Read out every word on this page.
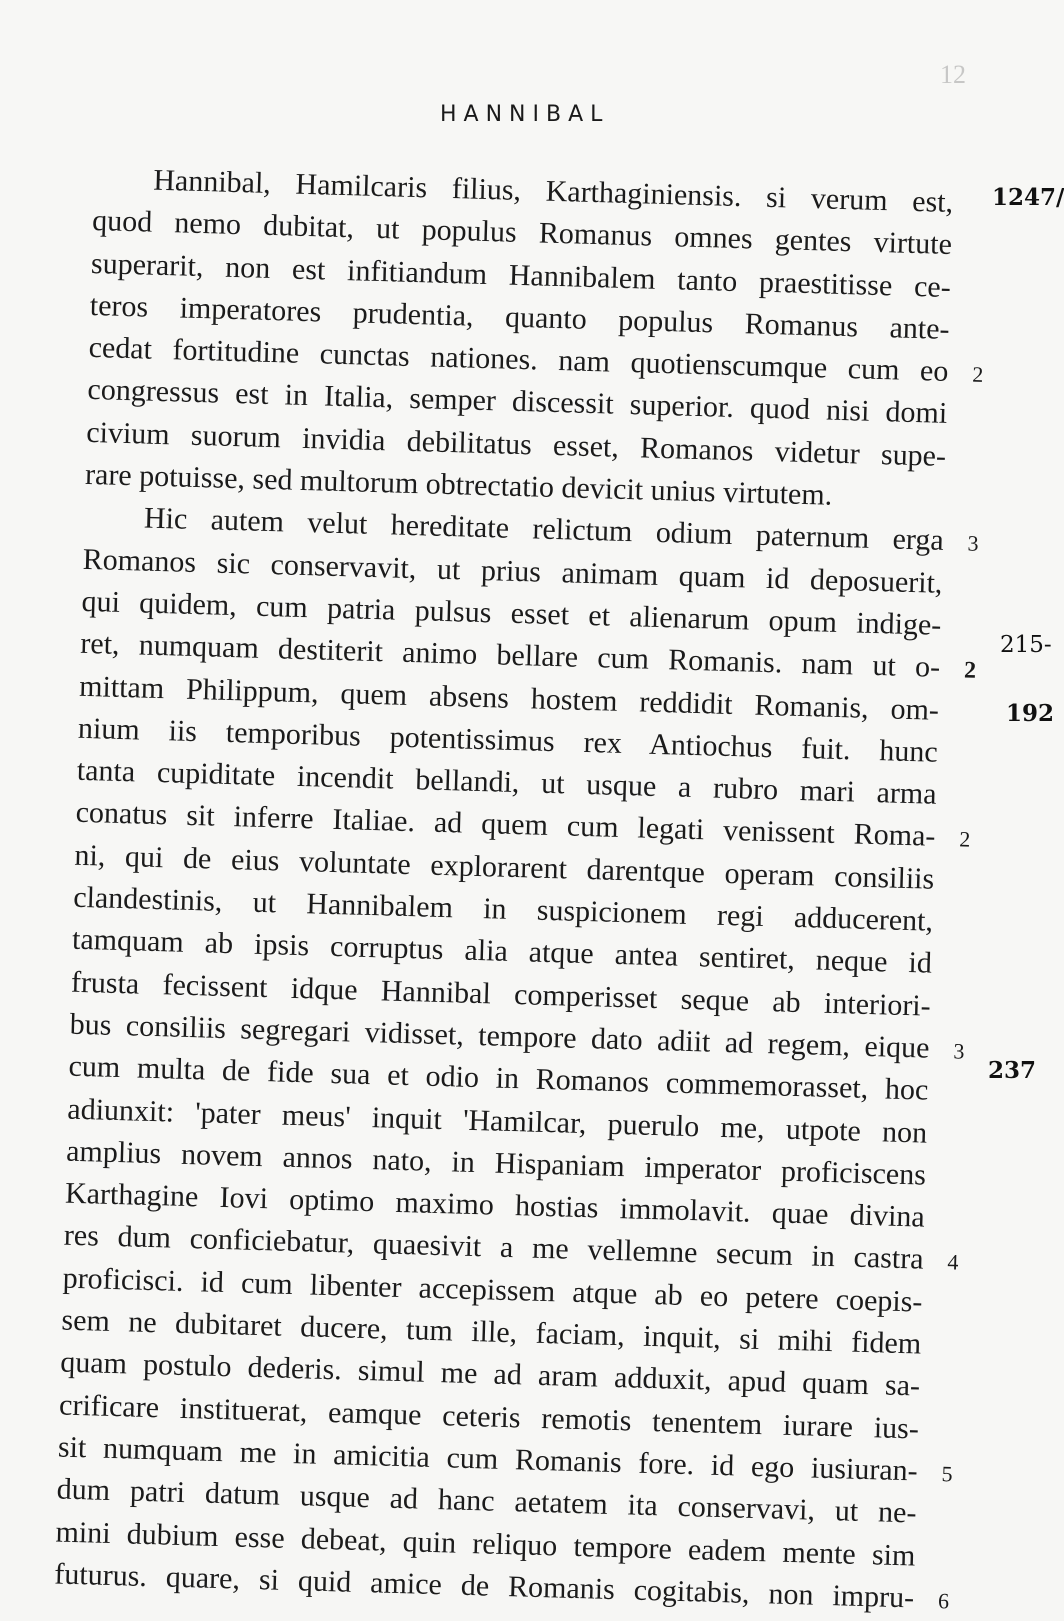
12
HANNIBAL
Hannibal, Hamilcaris filius, Karthaginiensis. si verum est,
quod nemo dubitat, ut populus Romanus omnes gentes virtute
superarit, non est infitiandum Hannibalem tanto praestitisse ce-
teros imperatores prudentia, quanto populus Romanus ante-
cedat fortitudine cunctas nationes. nam quotienscumque cum eo
congressus est in Italia, semper discessit superior. quod nisi domi
civium suorum invidia debilitatus esset, Romanos videtur supe-
rare potuisse, sed multorum obtrectatio devicit unius virtutem.
Hic autem velut hereditate relictum odium paternum erga
Romanos sic conservavit, ut prius animam quam id deposuerit,
qui quidem, cum patria pulsus esset et alienarum opum indige-
ret, numquam destiterit animo bellare cum Romanis. nam ut o-
mittam Philippum, quem absens hostem reddidit Romanis, om-
nium iis temporibus potentissimus rex Antiochus fuit. hunc
tanta cupiditate incendit bellandi, ut usque a rubro mari arma
conatus sit inferre Italiae. ad quem cum legati venissent Roma-
ni, qui de eius voluntate explorarent darentque operam consiliis
clandestinis, ut Hannibalem in suspicionem regi adducerent,
tamquam ab ipsis corruptus alia atque antea sentiret, neque id
frusta fecissent idque Hannibal comperisset seque ab interiori-
bus consiliis segregari vidisset, tempore dato adiit ad regem, eique
cum multa de fide sua et odio in Romanos commemorasset, hoc
adiunxit: 'pater meus' inquit 'Hamilcar, puerulo me, utpote non
amplius novem annos nato, in Hispaniam imperator proficiscens
Karthagine Iovi optimo maximo hostias immolavit. quae divina
res dum conficiebatur, quaesivit a me vellemne secum in castra
proficisci. id cum libenter accepissem atque ab eo petere coepis-
sem ne dubitaret ducere, tum ille, faciam, inquit, si mihi fidem
quam postulo dederis. simul me ad aram adduxit, apud quam sa-
crificare instituerat, eamque ceteris remotis tenentem iurare ius-
sit numquam me in amicitia cum Romanis fore. id ego iusiuran-
dum patri datum usque ad hanc aetatem ita conservavi, ut ne-
mini dubium esse debeat, quin reliquo tempore eadem mente sim
futurus. quare, si quid amice de Romanis cogitabis, non impru-
2
3
2
2
3
4
5
6
1247/
215-
192
237
